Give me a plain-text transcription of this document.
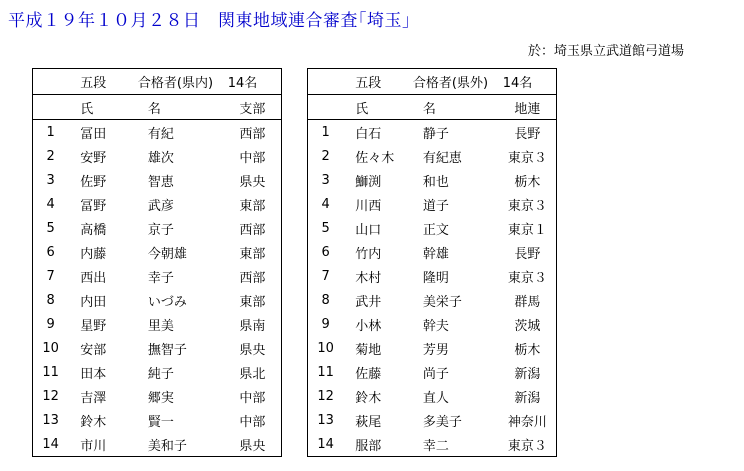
平成１９年１０月２８日　関東地域連合審査｢埼玉｣
於：埼玉県立武道館弓道場
	五段	合格者(県内)	14名
	氏	名	支部
1	冨田	有紀	西部
2	安野	雄次	中部
3	佐野	智恵	県央
4	冨野	武彦	東部
5	高橋	京子	西部
6	内藤	今朝雄	東部
7	西出	幸子	西部
8	内田	いづみ	東部
9	星野	里美	県南
10	安部	撫智子	県央
11	田本	純子	県北
12	吉澤	郷実	中部
13	鈴木	賢一	中部
14	市川	美和子	県央
	五段	合格者(県外)	14名
	氏	名	地連
1	白石	静子	長野
2	佐々木	有紀恵	東京３
3	鰤渕	和也	栃木
4	川西	道子	東京３
5	山口	正文	東京１
6	竹内	幹雄	長野
7	木村	隆明	東京３
8	武井	美栄子	群馬
9	小林	幹夫	茨城
10	菊地	芳男	栃木
11	佐藤	尚子	新潟
12	鈴木	直人	新潟
13	萩尾	多美子	神奈川
14	服部	幸二	東京３
